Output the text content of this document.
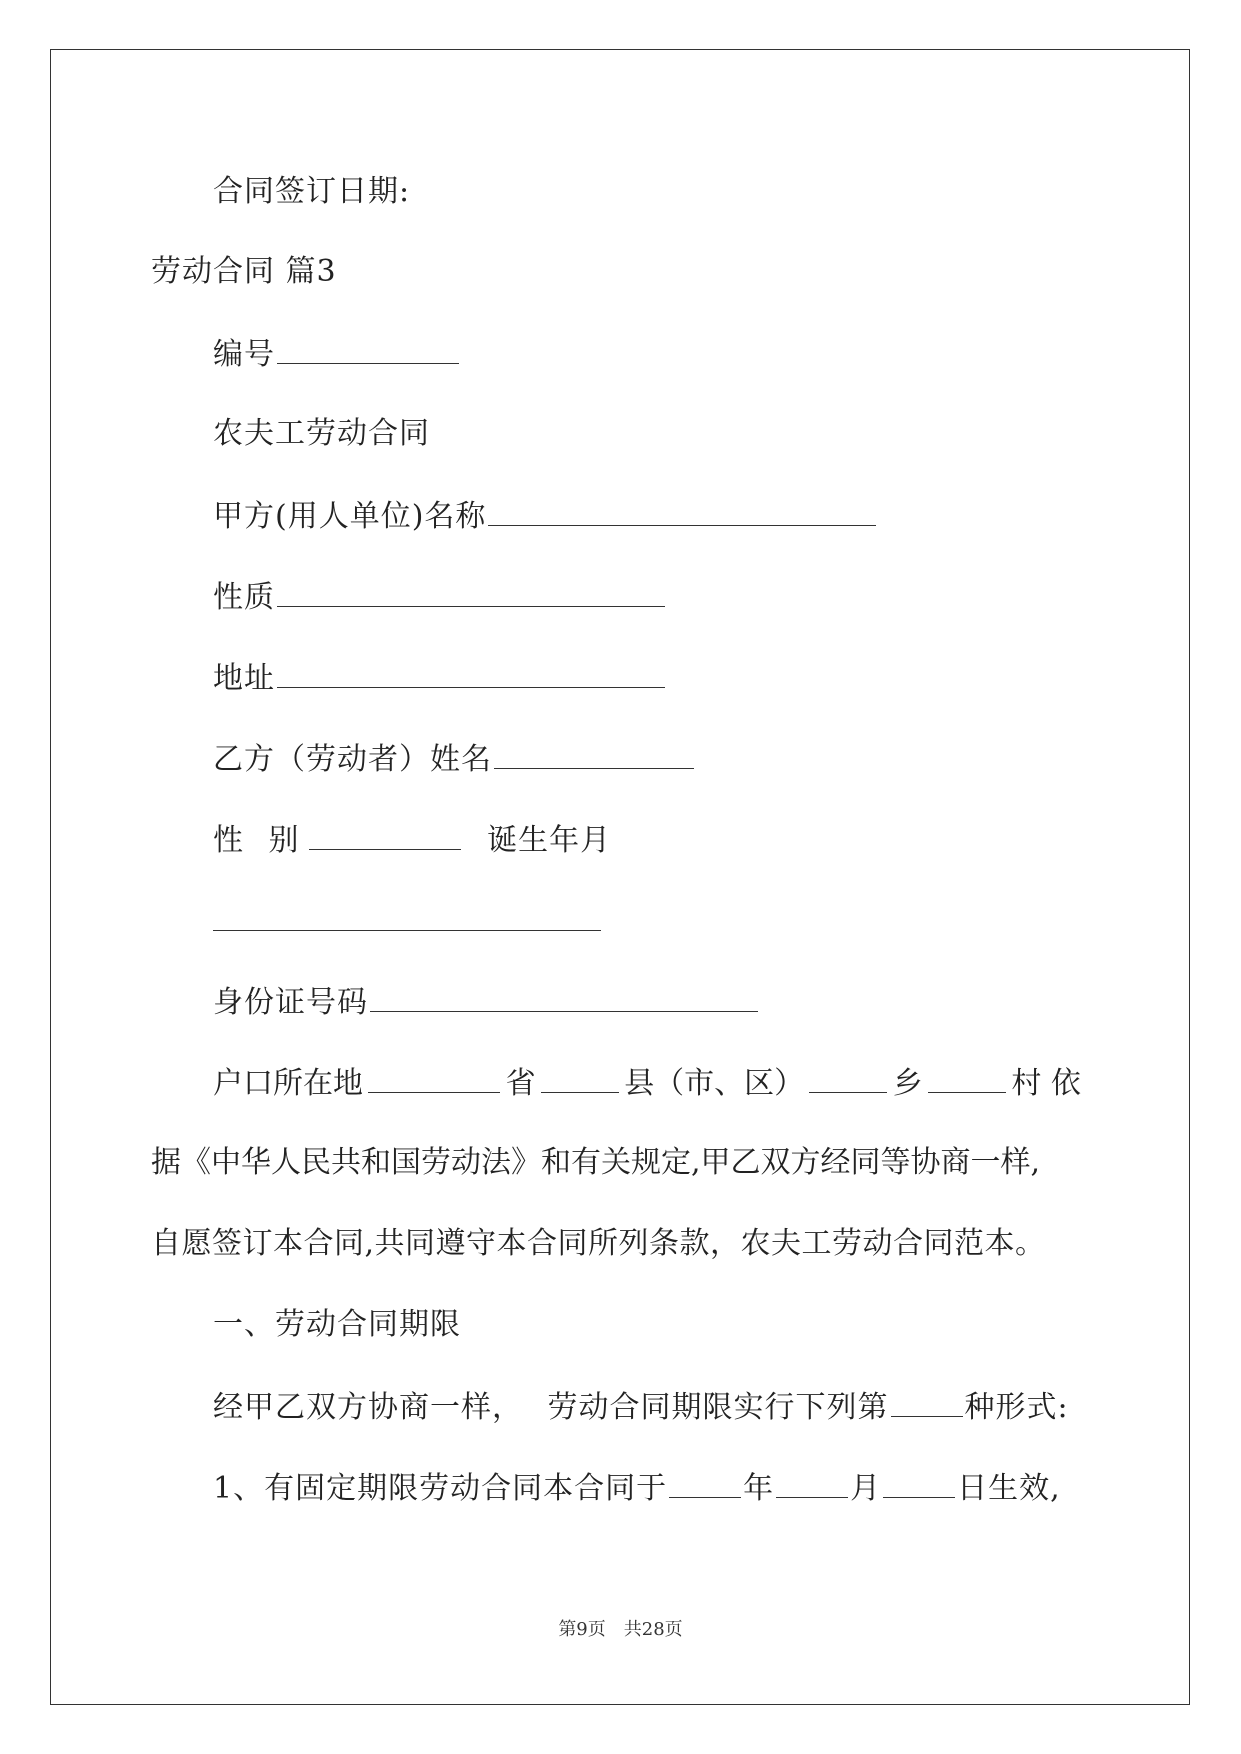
合同签订日期:
劳动合同 篇3
编号
农夫工劳动合同
甲方(用人单位)名称
性质
地址
乙方（劳动者）姓名
性 别	诞生年月
身份证号码
户口所在地	省	县（市、区）	乡	村 依
据《中华人民共和国劳动法》和有关规定,甲乙双方经同等协商一样,
自愿签订本合同,共同遵守本合同所列条款，农夫工劳动合同范本。
一、劳动合同期限
经甲乙双方协商一样， 劳动合同期限实行下列第	种形式:
1、有固定期限劳动合同本合同于	年	月	日生效,
第9页　共28页
